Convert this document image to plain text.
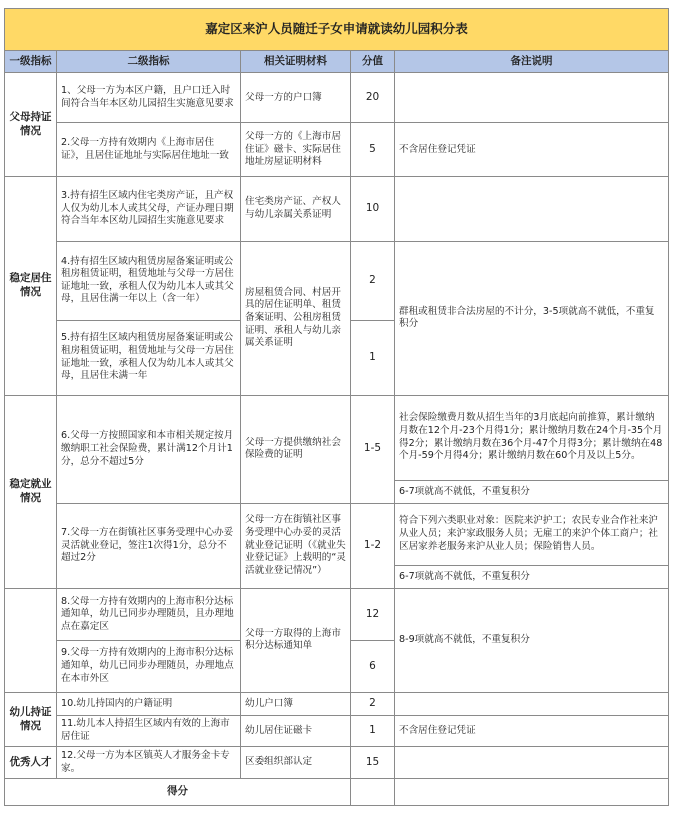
嘉定区来沪人员随迁子女申请就读幼儿园积分表				
一级指标	二级指标	相关证明材料	分值	备注说明
父母持证情况	1、父母一方为本区户籍，且户口迁入时间符合当年本区幼儿园招生实施意见要求	父母一方的户口簿	20	
	2.父母一方持有效期内《上海市居住证》，且居住证地址与实际居住地址一致	父母一方的《上海市居住证》磁卡、实际居住地址房屋证明材料	5	不含居住登记凭证
稳定居住情况	3.持有招生区域内住宅类房产证，且产权人仅为幼儿本人或其父母，产证办理日期符合当年本区幼儿园招生实施意见要求	住宅类房产证、产权人与幼儿亲属关系证明	10	
	4.持有招生区域内租赁房屋备案证明或公租房租赁证明，租赁地址与父母一方居住证地址一致，承租人仅为幼儿本人或其父母，且居住满一年以上（含一年）	房屋租赁合同、村居开具的居住证明单、租赁备案证明、公租房租赁证明、承租人与幼儿亲属关系证明	2	群租或租赁非合法房屋的不计分，3-5项就高不就低，不重复积分
	5.持有招生区域内租赁房屋备案证明或公租房租赁证明，租赁地址与父母一方居住证地址一致，承租人仅为幼儿本人或其父母，且居住未满一年		1	
稳定就业情况	6.父母一方按照国家和本市相关规定按月缴纳职工社会保险费，累计满12个月计1分，总分不超过5分	父母一方提供缴纳社会保险费的证明	1-5	社会保险缴费月数从招生当年的3月底起向前推算，累计缴纳月数在12个月-23个月得1分；累计缴纳月数在24个月-35个月得2分；累计缴纳月数在36个月-47个月得3分；累计缴纳在48个月-59个月得4分；累计缴纳月数在60个月及以上5分。
				6-7项就高不就低，不重复积分
	7.父母一方在街镇社区事务受理中心办妥灵活就业登记，签注1次得1分，总分不超过2分	父母一方在街镇社区事务受理中心办妥的灵活就业登记证明（《就业失业登记证》上载明的“灵活就业登记情况”）	1-2	符合下列六类职业对象：医院来沪护工；农民专业合作社来沪从业人员；来沪家政服务人员；无雇工的来沪个体工商户；社区居家养老服务来沪从业人员；保险销售人员。
				6-7项就高不就低，不重复积分
	8.父母一方持有效期内的上海市积分达标通知单，幼儿已同步办理随员，且办理地点在嘉定区	父母一方取得的上海市积分达标通知单	12	8-9项就高不就低，不重复积分
	9.父母一方持有效期内的上海市积分达标通知单，幼儿已同步办理随员，办理地点在本市外区		6	
幼儿持证情况	10.幼儿持国内的户籍证明	幼儿户口簿	2	
	11.幼儿本人持招生区域内有效的上海市居住证	幼儿居住证磁卡	1	不含居住登记凭证
优秀人才	12.父母一方为本区镇英人才服务金卡专家。	区委组织部认定	15	
得分				
